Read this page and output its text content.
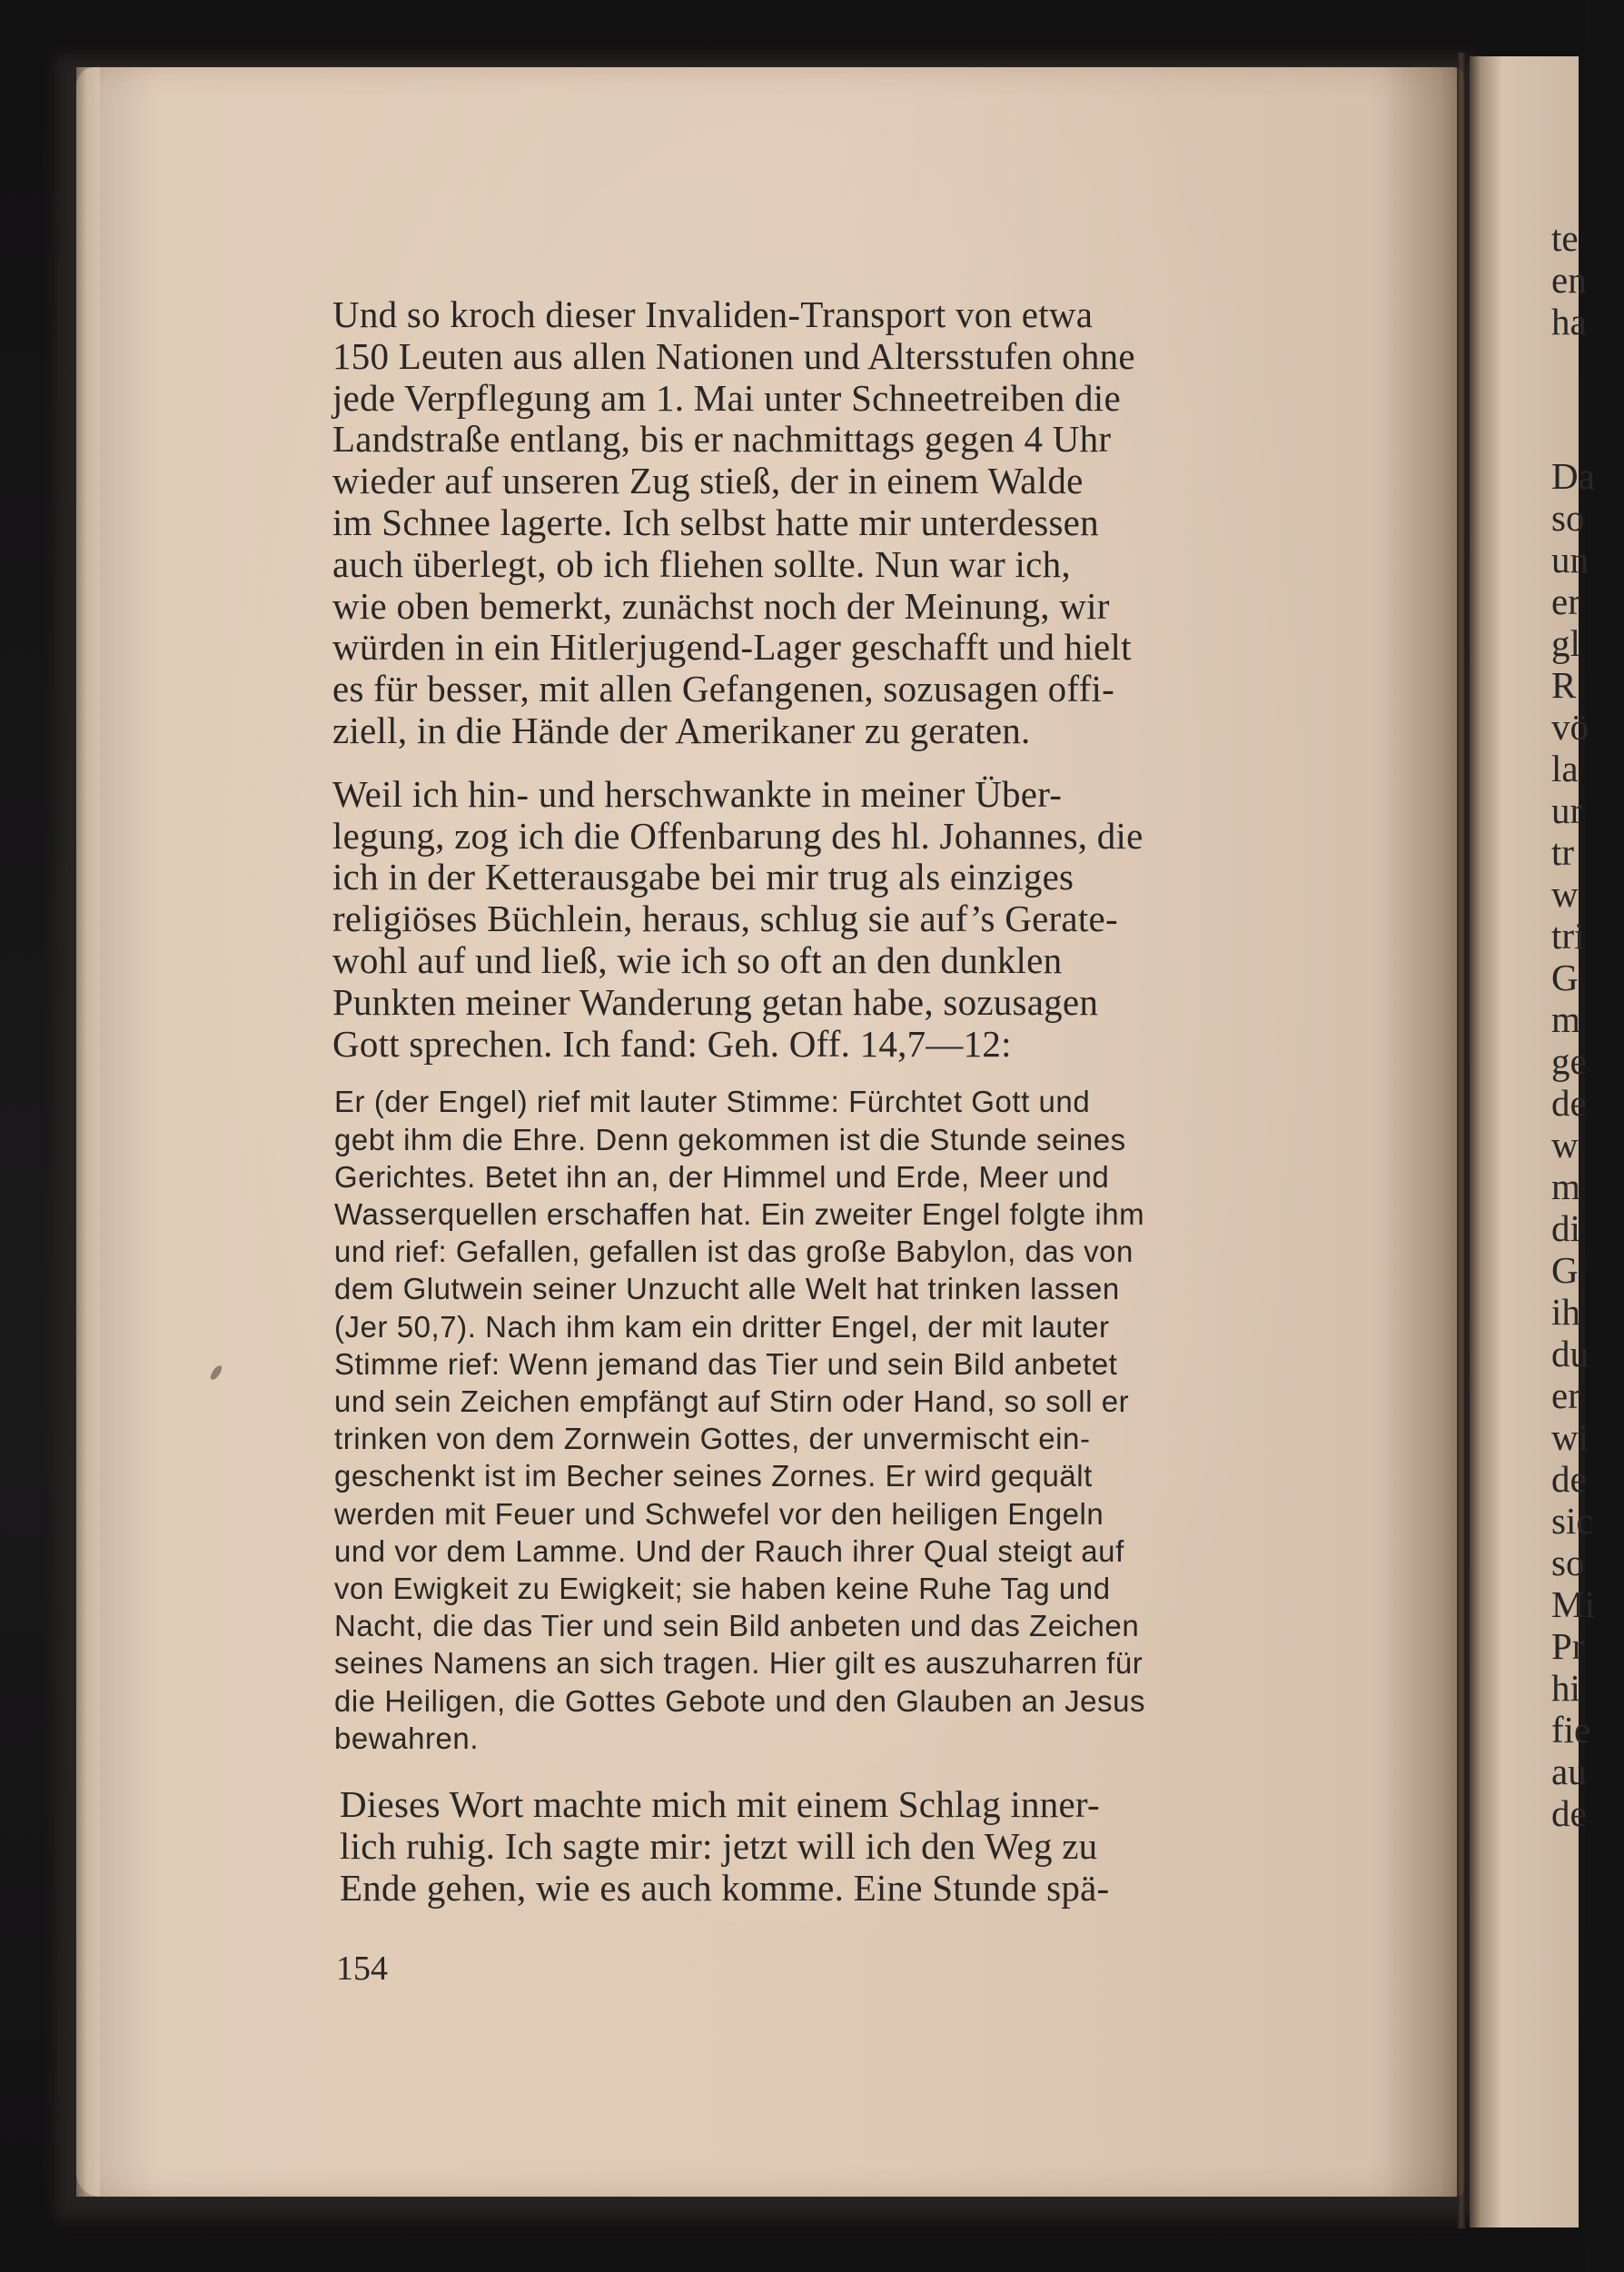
Und so kroch dieser Invaliden-Transport von etwa
150 Leuten aus allen Nationen und Altersstufen ohne
jede Verpflegung am 1. Mai unter Schneetreiben die
Landstraße entlang, bis er nachmittags gegen 4 Uhr
wieder auf unseren Zug stieß, der in einem Walde
im Schnee lagerte. Ich selbst hatte mir unterdessen
auch überlegt, ob ich fliehen sollte. Nun war ich,
wie oben bemerkt, zunächst noch der Meinung, wir
würden in ein Hitlerjugend-Lager geschafft und hielt
es für besser, mit allen Gefangenen, sozusagen offi-
ziell, in die Hände der Amerikaner zu geraten.

Weil ich hin- und herschwankte in meiner Über-
legung, zog ich die Offenbarung des hl. Johannes, die
ich in der Ketterausgabe bei mir trug als einziges
religiöses Büchlein, heraus, schlug sie auf’s Gerate-
wohl auf und ließ, wie ich so oft an den dunklen
Punkten meiner Wanderung getan habe, sozusagen
Gott sprechen. Ich fand: Geh. Off. 14,7—12:

Er (der Engel) rief mit lauter Stimme: Fürchtet Gott und
gebt ihm die Ehre. Denn gekommen ist die Stunde seines
Gerichtes. Betet ihn an, der Himmel und Erde, Meer und
Wasserquellen erschaffen hat. Ein zweiter Engel folgte ihm
und rief: Gefallen, gefallen ist das große Babylon, das von
dem Glutwein seiner Unzucht alle Welt hat trinken lassen
(Jer 50,7). Nach ihm kam ein dritter Engel, der mit lauter
Stimme rief: Wenn jemand das Tier und sein Bild anbetet
und sein Zeichen empfängt auf Stirn oder Hand, so soll er
trinken von dem Zornwein Gottes, der unvermischt ein-
geschenkt ist im Becher seines Zornes. Er wird gequält
werden mit Feuer und Schwefel vor den heiligen Engeln
und vor dem Lamme. Und der Rauch ihrer Qual steigt auf
von Ewigkeit zu Ewigkeit; sie haben keine Ruhe Tag und
Nacht, die das Tier und sein Bild anbeten und das Zeichen
seines Namens an sich tragen. Hier gilt es auszuharren für
die Heiligen, die Gottes Gebote und den Glauben an Jesus
bewahren.

Dieses Wort machte mich mit einem Schlag inner-
lich ruhig. Ich sagte mir: jetzt will ich den Weg zu
Ende gehen, wie es auch komme. Eine Stunde spä-

154

te
en
ha
Da
so
un
er
gl
R
vö
la
ur
tr
w
tri
G
m
ge
de
w
m
di
G
ih
du
er
wi
de
sic
so
Mi
Pr
hi
fie
au
de
